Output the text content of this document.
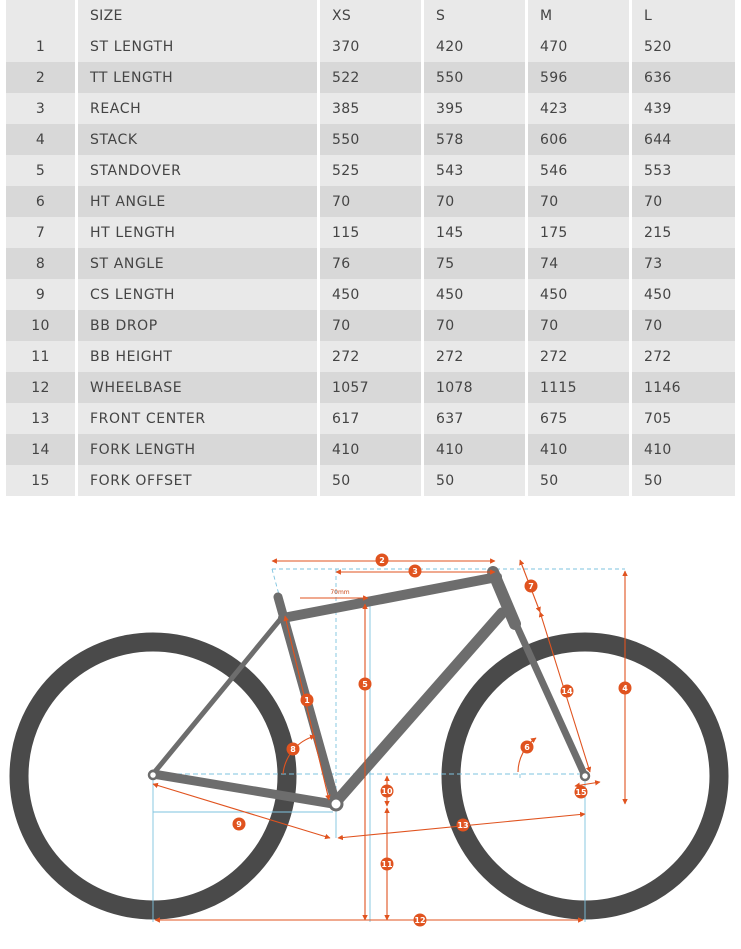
	SIZE	XS	S	M	L
1	ST LENGTH	370	420	470	520
2	TT LENGTH	522	550	596	636
3	REACH	385	395	423	439
4	STACK	550	578	606	644
5	STANDOVER	525	543	546	553
6	HT ANGLE	70	70	70	70
7	HT LENGTH	115	145	175	215
8	ST ANGLE	76	75	74	73
9	CS LENGTH	450	450	450	450
10	BB DROP	70	70	70	70
11	BB HEIGHT	272	272	272	272
12	WHEELBASE	1057	1078	1115	1146
13	FRONT CENTER	617	637	675	705
14	FORK LENGTH	410	410	410	410
15	FORK OFFSET	50	50	50	50
70mm
1
2
3
4
5
6
7
8
9
10
11
12
13
14
15
